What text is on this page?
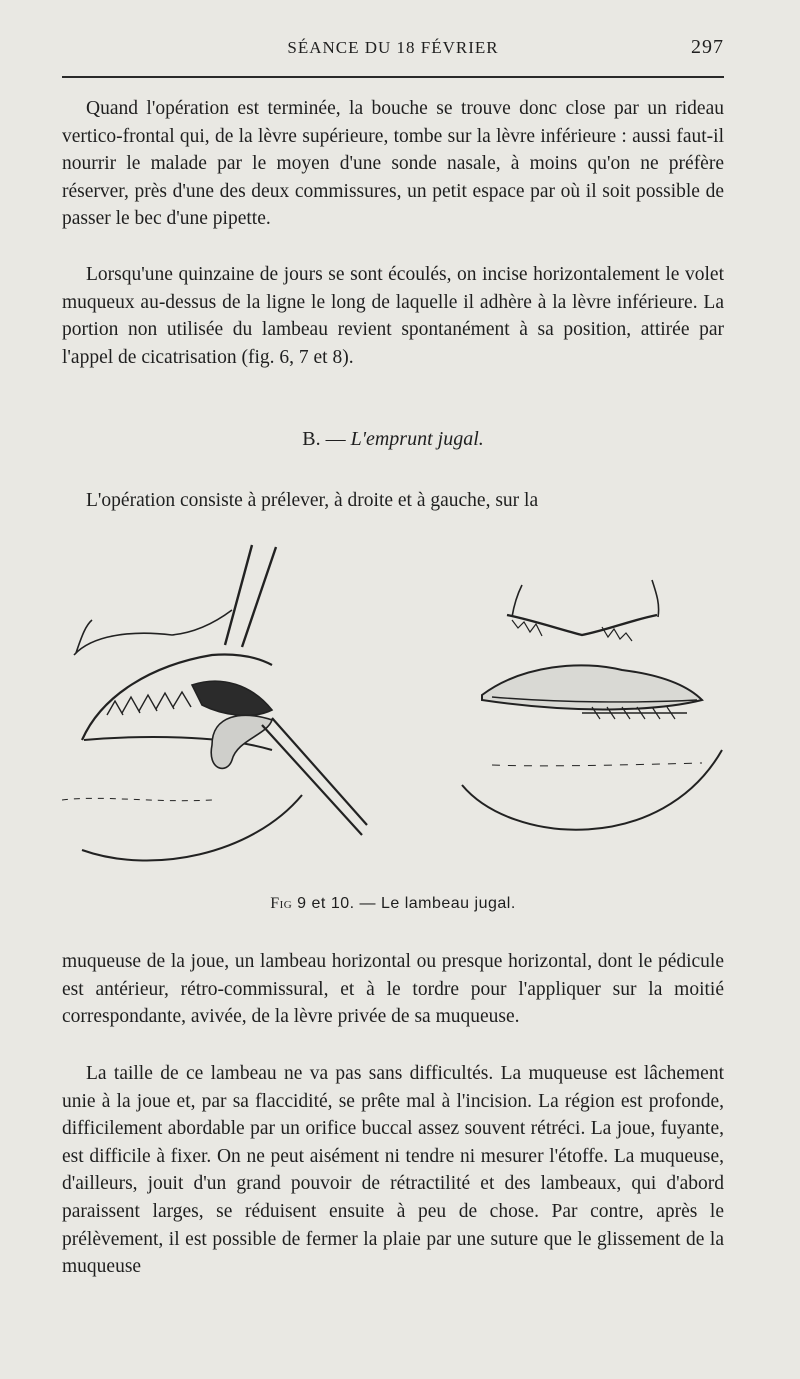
SÉANCE DU 18 FÉVRIER	297

Quand l'opération est terminée, la bouche se trouve donc close par un rideau vertico-frontal qui, de la lèvre supérieure, tombe sur la lèvre inférieure : aussi faut-il nourrir le malade par le moyen d'une sonde nasale, à moins qu'on ne préfère réserver, près d'une des deux commissures, un petit espace par où il soit possible de passer le bec d'une pipette.

Lorsqu'une quinzaine de jours se sont écoulés, on incise horizontalement le volet muqueux au-dessus de la ligne le long de laquelle il adhère à la lèvre inférieure. La portion non utilisée du lambeau revient spontanément à sa position, attirée par l'appel de cicatrisation (fig. 6, 7 et 8).

B. — L'emprunt jugal.

L'opération consiste à prélever, à droite et à gauche, sur la

Fig 9 et 10. — Le lambeau jugal.

muqueuse de la joue, un lambeau horizontal ou presque horizontal, dont le pédicule est antérieur, rétro-commissural, et à le tordre pour l'appliquer sur la moitié correspondante, avivée, de la lèvre privée de sa muqueuse.

La taille de ce lambeau ne va pas sans difficultés. La muqueuse est lâchement unie à la joue et, par sa flaccidité, se prête mal à l'incision. La région est profonde, difficilement abordable par un orifice buccal assez souvent rétréci. La joue, fuyante, est difficile à fixer. On ne peut aisément ni tendre ni mesurer l'étoffe. La muqueuse, d'ailleurs, jouit d'un grand pouvoir de rétractilité et des lambeaux, qui d'abord paraissent larges, se réduisent ensuite à peu de chose. Par contre, après le prélèvement, il est possible de fermer la plaie par une suture que le glissement de la muqueuse
